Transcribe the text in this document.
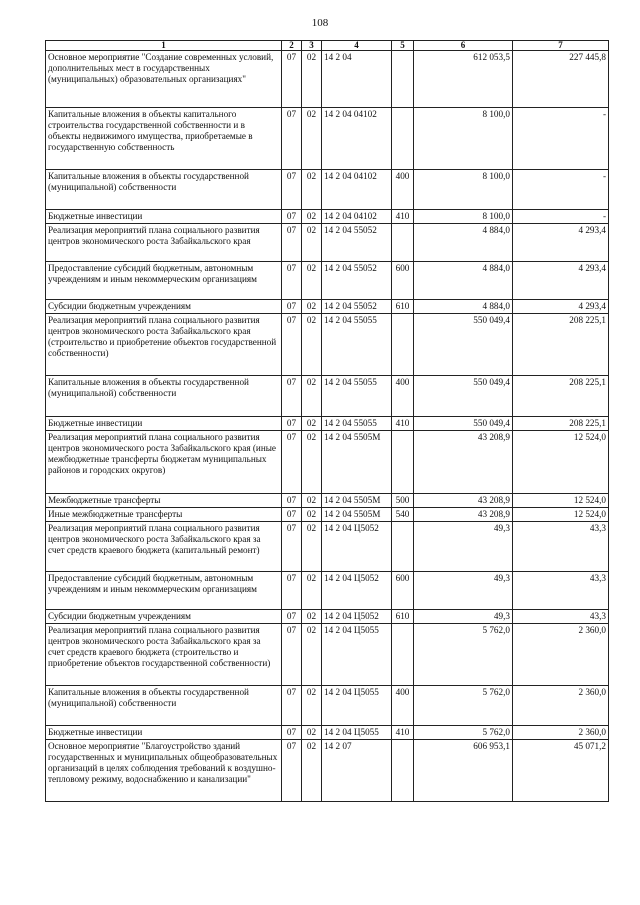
108
1	2	3	4	5	6	7
Основное мероприятие "Создание современных условий, дополнительных мест в государственных (муниципальных) образовательных организациях"	07	02	14 2 04		612 053,5	227 445,8
Капитальные вложения в объекты капитального строительства государственной собственности и в объекты недвижимого имущества, приобретаемые в государственную собственность	07	02	14 2 04 04102		8 100,0	-
Капитальные вложения в объекты государственной (муниципальной) собственности	07	02	14 2 04 04102	400	8 100,0	-
Бюджетные инвестиции	07	02	14 2 04 04102	410	8 100,0	-
Реализация мероприятий плана социального развития центров экономического роста Забайкальского края	07	02	14 2 04 55052		4 884,0	4 293,4
Предоставление субсидий бюджетным, автономным учреждениям и иным некоммерческим организациям	07	02	14 2 04 55052	600	4 884,0	4 293,4
Субсидии бюджетным учреждениям	07	02	14 2 04 55052	610	4 884,0	4 293,4
Реализация мероприятий плана социального развития центров экономического роста Забайкальского края (строительство и приобретение объектов государственной собственности)	07	02	14 2 04 55055		550 049,4	208 225,1
Капитальные вложения в объекты государственной (муниципальной) собственности	07	02	14 2 04 55055	400	550 049,4	208 225,1
Бюджетные инвестиции	07	02	14 2 04 55055	410	550 049,4	208 225,1
Реализация мероприятий плана социального развития центров экономического роста Забайкальского края (иные межбюджетные трансферты бюджетам муниципальных районов и городских округов)	07	02	14 2 04 5505М		43 208,9	12 524,0
Межбюджетные трансферты	07	02	14 2 04 5505М	500	43 208,9	12 524,0
Иные межбюджетные трансферты	07	02	14 2 04 5505М	540	43 208,9	12 524,0
Реализация мероприятий плана социального развития центров экономического роста Забайкальского края за счет средств краевого бюджета (капитальный ремонт)	07	02	14 2 04 Ц5052		49,3	43,3
Предоставление субсидий бюджетным, автономным учреждениям и иным некоммерческим организациям	07	02	14 2 04 Ц5052	600	49,3	43,3
Субсидии бюджетным учреждениям	07	02	14 2 04 Ц5052	610	49,3	43,3
Реализация мероприятий плана социального развития центров экономического роста Забайкальского края за счет средств краевого бюджета (строительство и приобретение объектов государственной собственности)	07	02	14 2 04 Ц5055		5 762,0	2 360,0
Капитальные вложения в объекты государственной (муниципальной) собственности	07	02	14 2 04 Ц5055	400	5 762,0	2 360,0
Бюджетные инвестиции	07	02	14 2 04 Ц5055	410	5 762,0	2 360,0
Основное мероприятие "Благоустройство зданий государственных и муниципальных общеобразовательных организаций в целях соблюдения требований к воздушно-тепловому режиму, водоснабжению и канализации"	07	02	14 2 07		606 953,1	45 071,2
